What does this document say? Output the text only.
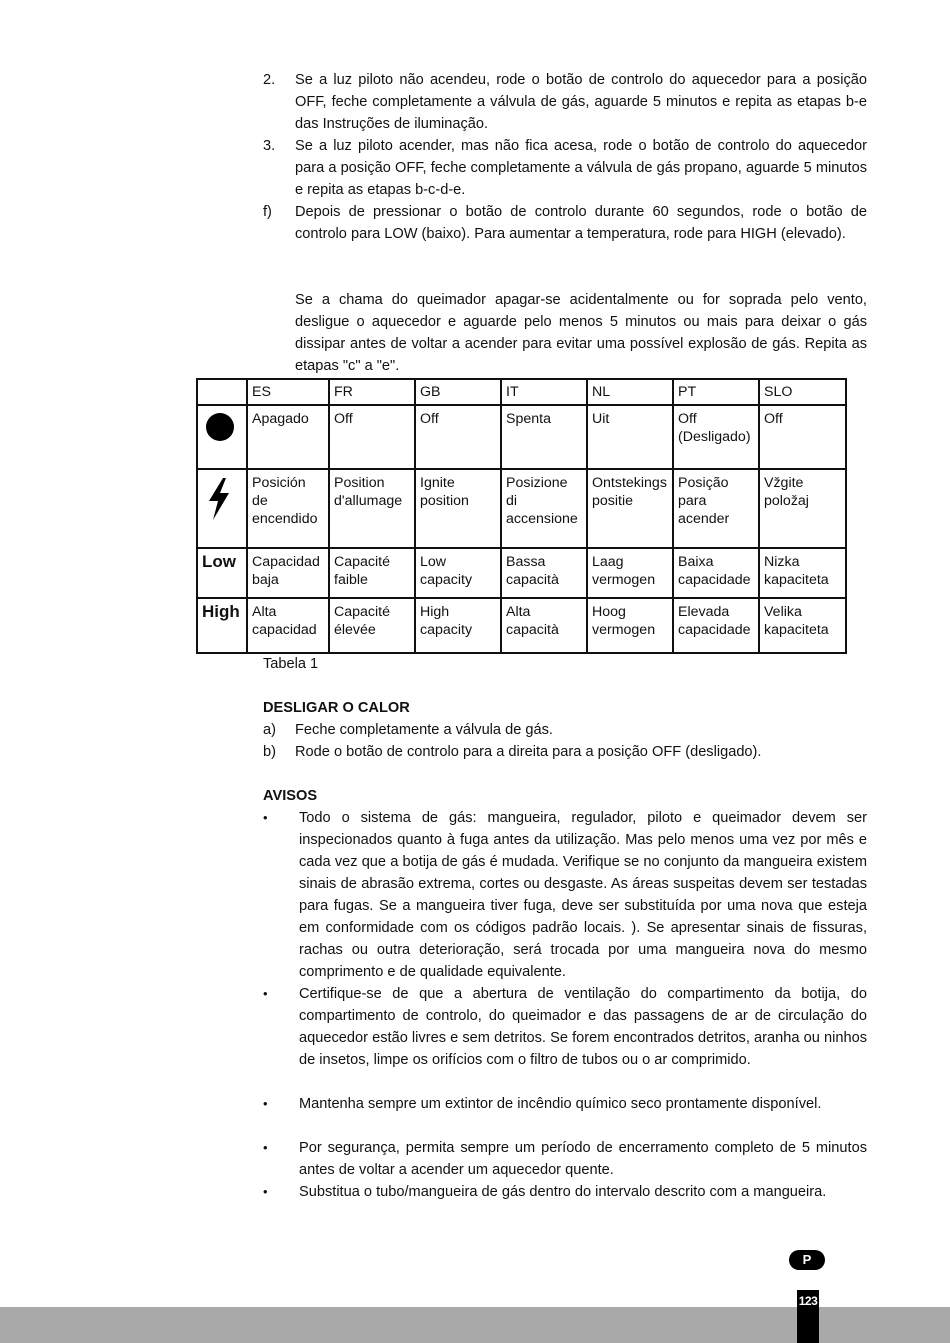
2. Se a luz piloto não acendeu, rode o botão de controlo do aquecedor para a posição OFF, feche completamente a válvula de gás, aguarde 5 minutos e repita as etapas b-e das Instruções de iluminação.
3. Se a luz piloto acender, mas não fica acesa, rode o botão de controlo do aquecedor para a posição OFF, feche completamente a válvula de gás propano, aguarde 5 minutos e repita as etapas b-c-d-e.
f) Depois de pressionar o botão de controlo durante 60 segundos, rode o botão de controlo para LOW (baixo). Para aumentar a temperatura, rode para HIGH (elevado).

Se a chama do queimador apagar-se acidentalmente ou for soprada pelo vento, desligue o aquecedor e aguarde pelo menos 5 minutos ou mais para deixar o gás dissipar antes de voltar a acender para evitar uma possível explosão de gás. Repita as etapas "c" a "e".

	ES	FR	GB	IT	NL	PT	SLO

	Apagado	Off	Off	Spenta	Uit	Off (Desligado)	Off

	Posición de encendido	Position d'allumage	Ignite position	Posizione di accensione	Ontstekings positie	Posição para acender	Vžgite položaj
Low	Capacidad baja	Capacité faible	Low capacity	Bassa capacità	Laag vermogen	Baixa capacidade	Nizka kapaciteta
High	Alta capacidad	Capacité élevée	High capacity	Alta capacità	Hoog vermogen	Elevada capacidade	Velika kapaciteta
Tabela 1
DESLIGAR O CALOR
a) Feche completamente a válvula de gás.
b) Rode o botão de controlo para a direita para a posição OFF (desligado).
AVISOS
• Todo o sistema de gás: mangueira, regulador, piloto e queimador devem ser inspecionados quanto à fuga antes da utilização. Mas pelo menos uma vez por mês e cada vez que a botija de gás é mudada. Verifique se no conjunto da mangueira existem sinais de abrasão extrema, cortes ou desgaste. As áreas suspeitas devem ser testadas para fugas. Se a mangueira tiver fuga, deve ser substituída por uma nova que esteja em conformidade com os códigos padrão locais. ). Se apresentar sinais de fissuras, rachas ou outra deterioração, será trocada por uma mangueira nova do mesmo comprimento e de qualidade equivalente.
• Certifique-se de que a abertura de ventilação do compartimento da botija, do compartimento de controlo, do queimador e das passagens de ar de circulação do aquecedor estão livres e sem detritos. Se forem encontrados detritos, aranha ou ninhos de insetos, limpe os orifícios com o filtro de tubos ou o ar comprimido.
• Mantenha sempre um extintor de incêndio químico seco prontamente disponível.
• Por segurança, permita sempre um período de encerramento completo de 5 minutos antes de voltar a acender um aquecedor quente.
• Substitua o tubo/mangueira de gás dentro do intervalo descrito com a mangueira.
P
123
